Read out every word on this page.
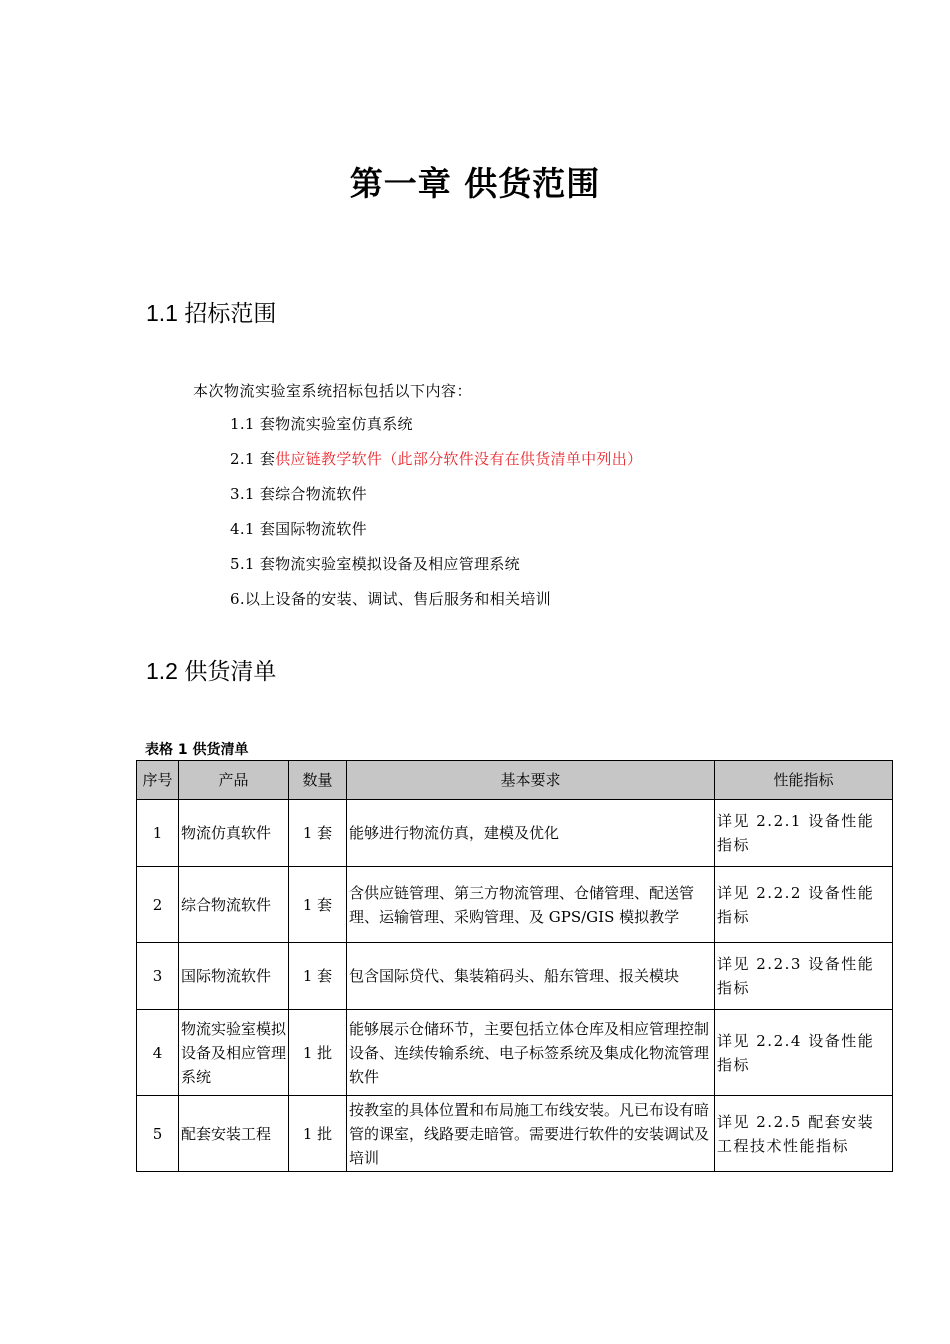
第一章 供货范围
1.1 招标范围
本次物流实验室系统招标包括以下内容：
1.1 套物流实验室仿真系统
2.1 套供应链教学软件（此部分软件没有在供货清单中列出）
3.1 套综合物流软件
4.1 套国际物流软件
5.1 套物流实验室模拟设备及相应管理系统
6.以上设备的安装、调试、售后服务和相关培训
1.2 供货清单
表格 1 供货清单
序号	产品	数量	基本要求	性能指标
1	物流仿真软件	1 套	能够进行物流仿真，建模及优化	详见 2.2.1 设备性能指标
2	综合物流软件	1 套	含供应链管理、第三方物流管理、仓储管理、配送管理、运输管理、采购管理、及 GPS/GIS 模拟教学	详见 2.2.2 设备性能指标
3	国际物流软件	1 套	包含国际贷代、集装箱码头、船东管理、报关模块	详见 2.2.3 设备性能指标
4	物流实验室模拟设备及相应管理系统	1 批	能够展示仓储环节，主要包括立体仓库及相应管理控制设备、连续传输系统、电子标签系统及集成化物流管理软件	详见 2.2.4 设备性能指标
5	配套安装工程	1 批	按教室的具体位置和布局施工布线安装。凡已布设有暗管的课室，线路要走暗管。需要进行软件的安装调试及培训	详见 2.2.5 配套安装工程技术性能指标
